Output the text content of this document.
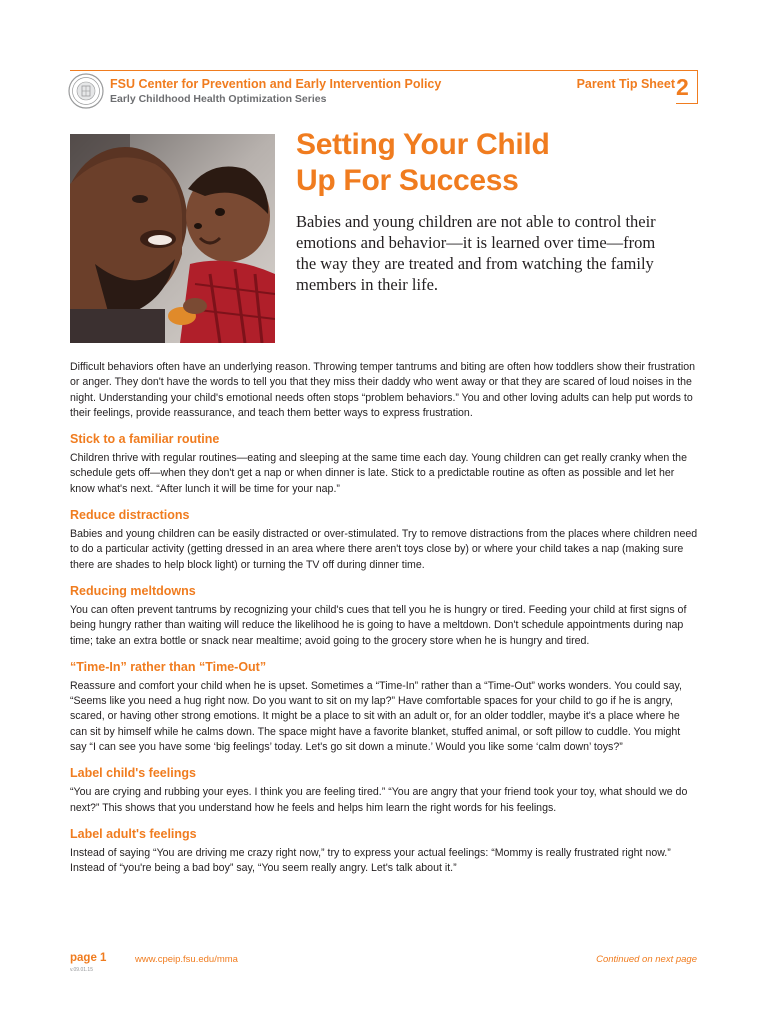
FSU Center for Prevention and Early Intervention Policy
Early Childhood Health Optimization Series
Parent Tip Sheet 2
Setting Your Child
Up For Success

Babies and young children are not able to control their emotions and behavior—it is learned over time—from the way they are treated and from watching the family members in their life.

Difficult behaviors often have an underlying reason. Throwing temper tantrums and biting are often how toddlers show their frustration or anger. They don't have the words to tell you that they miss their daddy who went away or that they are scared of loud noises in the night. Understanding your child's emotional needs often stops “problem behaviors.” You and other loving adults can help put words to their feelings, provide reassurance, and teach them better ways to express frustration.

Stick to a familiar routine

Children thrive with regular routines—eating and sleeping at the same time each day. Young children can get really cranky when the schedule gets off—when they don't get a nap or when dinner is late. Stick to a predictable routine as often as possible and let her know what's next. “After lunch it will be time for your nap.”

Reduce distractions

Babies and young children can be easily distracted or over-stimulated. Try to remove distractions from the places where children need to do a particular activity (getting dressed in an area where there aren't toys close by) or where your child takes a nap (making sure there are shades to help block light) or turning the TV off during dinner time.

Reducing meltdowns

You can often prevent tantrums by recognizing your child's cues that tell you he is hungry or tired. Feeding your child at first signs of being hungry rather than waiting will reduce the likelihood he is going to have a meltdown. Don't schedule appointments during nap time; take an extra bottle or snack near mealtime; avoid going to the grocery store when he is hungry and tired.

“Time-In” rather than “Time-Out”

Reassure and comfort your child when he is upset. Sometimes a “Time-In” rather than a “Time-Out” works wonders. You could say, “Seems like you need a hug right now. Do you want to sit on my lap?” Have comfortable spaces for your child to go if he is angry, scared, or having other strong emotions. It might be a place to sit with an adult or, for an older toddler, maybe it's a place where he can sit by himself while he calms down. The space might have a favorite blanket, stuffed animal, or soft pillow to cuddle. You might say “I can see you have some ‘big feelings’ today. Let's go sit down a minute.’ Would you like some ‘calm down’ toys?”

Label child's feelings

“You are crying and rubbing your eyes. I think you are feeling tired.” “You are angry that your friend took your toy, what should we do next?” This shows that you understand how he feels and helps him learn the right words for his feelings.

Label adult's feelings

Instead of saying “You are driving me crazy right now,” try to express your actual feelings: “Mommy is really frustrated right now.” Instead of “you're being a bad boy” say, “You seem really angry. Let's talk about it.”

page 1
v.09.01.15
www.cpeip.fsu.edu/mma	Continued on next page
